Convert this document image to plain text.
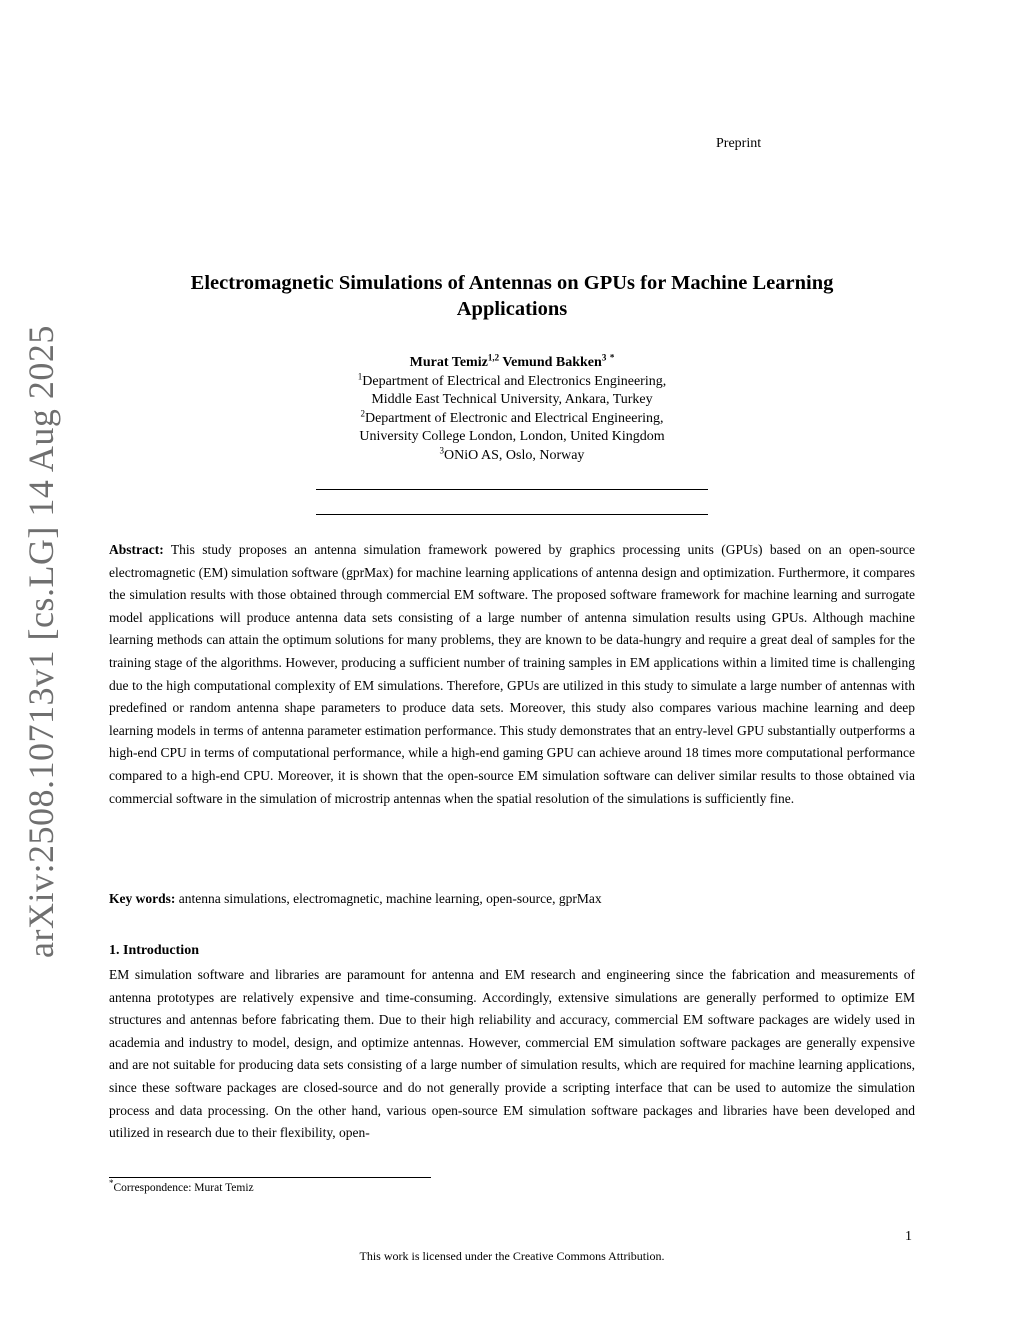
Preprint
arXiv:2508.10713v1 [cs.LG] 14 Aug 2025
Electromagnetic Simulations of Antennas on GPUs for Machine Learning
Applications
Murat Temiz$^{1,2}$ Vemund Bakken$^3$ *
$^1$Department of Electrical and Electronics Engineering,
Middle East Technical University, Ankara, Turkey
$^2$Department of Electronic and Electrical Engineering,
University College London, London, United Kingdom
$^3$ONiO AS, Oslo, Norway
Abstract: This study proposes an antenna simulation framework powered by graphics processing units (GPUs) based on an open-source electromagnetic (EM) simulation software (gprMax) for machine learning applications of antenna design and optimization. Furthermore, it compares the simulation results with those obtained through commercial EM software. The proposed software framework for machine learning and surrogate model applications will produce antenna data sets consisting of a large number of antenna simulation results using GPUs. Although machine learning methods can attain the optimum solutions for many problems, they are known to be data-hungry and require a great deal of samples for the training stage of the algorithms. However, producing a sufficient number of training samples in EM applications within a limited time is challenging due to the high computational complexity of EM simulations. Therefore, GPUs are utilized in this study to simulate a large number of antennas with predefined or random antenna shape parameters to produce data sets. Moreover, this study also compares various machine learning and deep learning models in terms of antenna parameter estimation performance. This study demonstrates that an entry-level GPU substantially outperforms a high-end CPU in terms of computational performance, while a high-end gaming GPU can achieve around 18 times more computational performance compared to a high-end CPU. Moreover, it is shown that the open-source EM simulation software can deliver similar results to those obtained via commercial software in the simulation of microstrip antennas when the spatial resolution of the simulations is sufficiently fine.
Key words: antenna simulations, electromagnetic, machine learning, open-source, gprMax
1. Introduction
EM simulation software and libraries are paramount for antenna and EM research and engineering since the fabrication and measurements of antenna prototypes are relatively expensive and time-consuming. Accordingly, extensive simulations are generally performed to optimize EM structures and antennas before fabricating them. Due to their high reliability and accuracy, commercial EM software packages are widely used in academia and industry to model, design, and optimize antennas. However, commercial EM simulation software packages are generally expensive and are not suitable for producing data sets consisting of a large number of simulation results, which are required for machine learning applications, since these software packages are closed-source and do not generally provide a scripting interface that can be used to automize the simulation process and data processing. On the other hand, various open-source EM simulation software packages and libraries have been developed and utilized in research due to their flexibility, open-
*Correspondence: Murat Temiz
1
This work is licensed under the Creative Commons Attribution.
